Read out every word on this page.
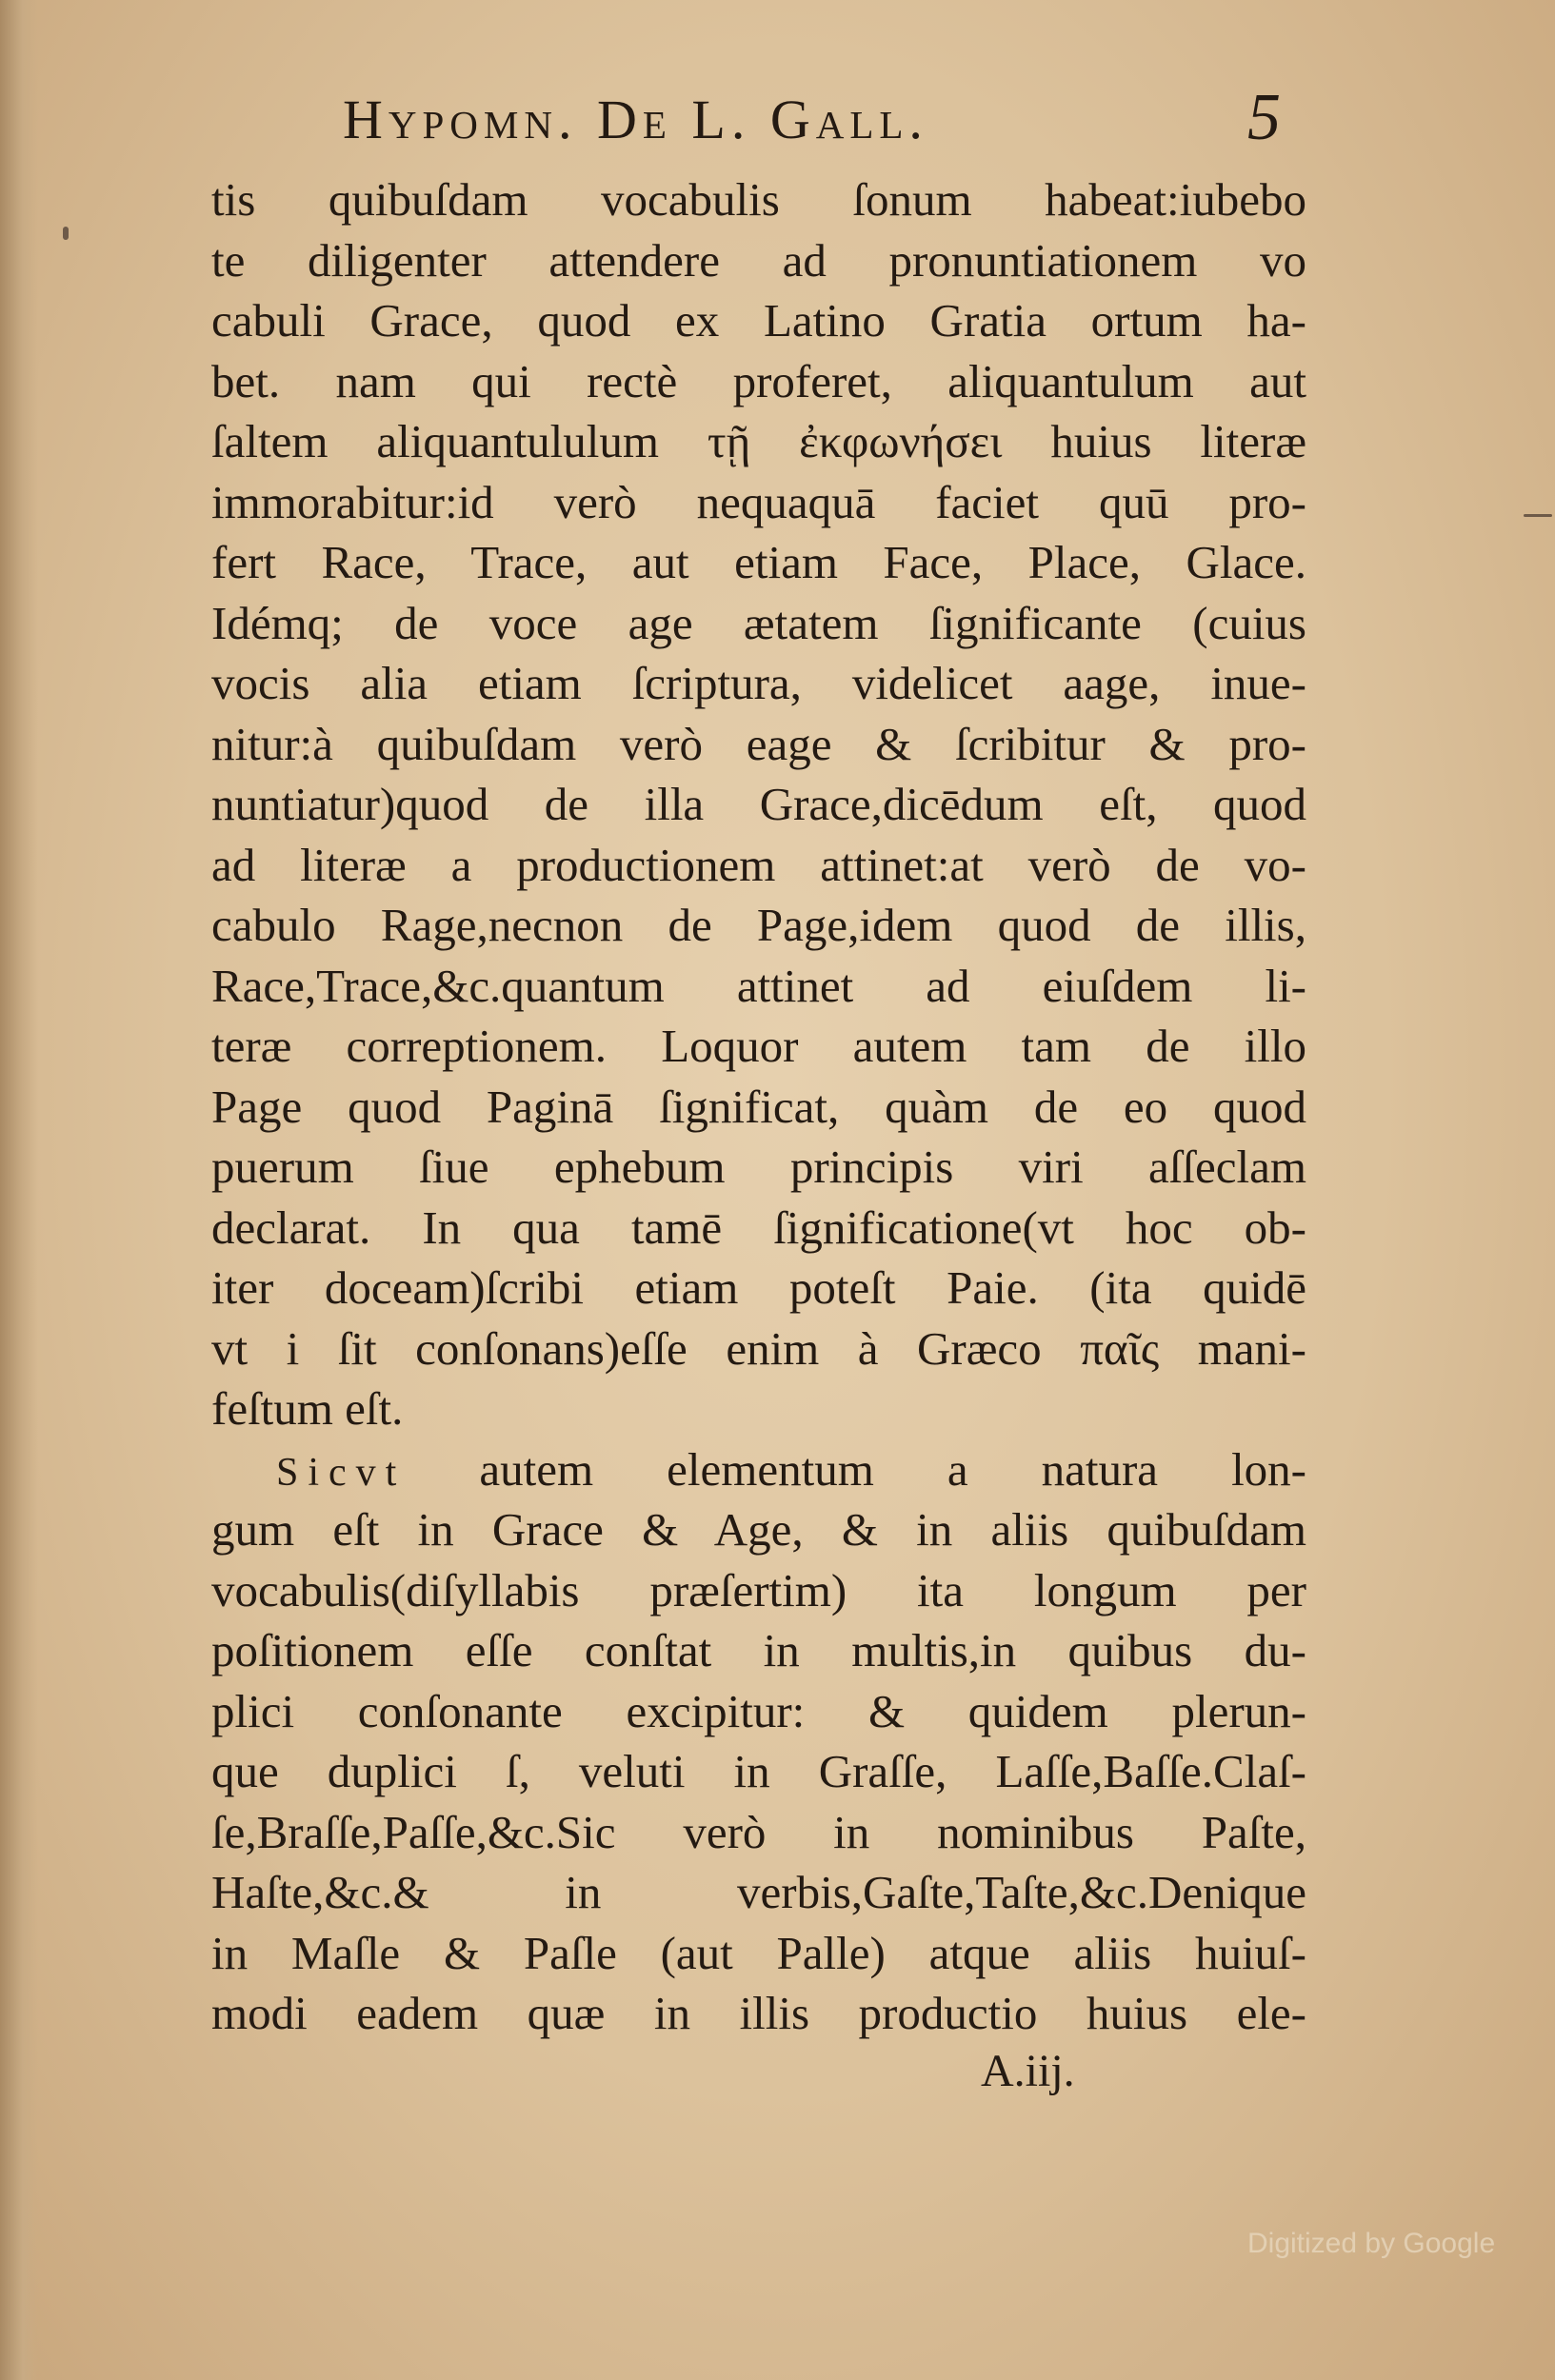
Hypomn. De L. Gall.	5
tis quibuſdam vocabulis ſonum habeat:iubebo
te diligenter attendere ad pronuntiationem vo
cabuli Grace, quod ex Latino Gratia ortum ha-
bet. nam qui rectè proferet, aliquantulum aut
ſaltem aliquantululum τῇ ἐκφωνήσει huius literæ
immorabitur:id verò nequaquā faciet quū pro-
fert Race, Trace, aut etiam Face, Place, Glace.
Idémq; de voce age ætatem ſignificante (cuius
vocis alia etiam ſcriptura, videlicet aage, inue-
nitur:à quibuſdam verò eage & ſcribitur & pro-
nuntiatur)quod de illa Grace,dicēdum eſt, quod
ad literæ a productionem attinet:at verò de vo-
cabulo Rage,necnon de Page,idem quod de illis,
Race,Trace,&c.quantum attinet ad eiuſdem li-
teræ correptionem. Loquor autem tam de illo
Page quod Paginā ſignificat, quàm de eo quod
puerum ſiue ephebum principis viri aſſeclam
declarat. In qua tamē ſignificatione(vt hoc ob-
iter doceam)ſcribi etiam poteſt Paie. (ita quidē
vt i ſit conſonans)eſſe enim à Græco παῖς mani-
feſtum eſt.
Sicvt autem elementum a natura lon-
gum eſt in Grace & Age, & in aliis quibuſdam
vocabulis(diſyllabis præſertim) ita longum per
poſitionem eſſe conſtat in multis,in quibus du-
plici conſonante excipitur: & quidem plerun-
que duplici ſ, veluti in Graſſe, Laſſe,Baſſe.Claſ-
ſe,Braſſe,Paſſe,&c.Sic verò in nominibus Paſte,
Haſte,&c.& in verbis,Gaſte,Taſte,&c.Denique
in Maſle & Paſle (aut Palle) atque aliis huiuſ-
modi eadem quæ in illis productio huius ele-
A.iij.
Digitized by Google
